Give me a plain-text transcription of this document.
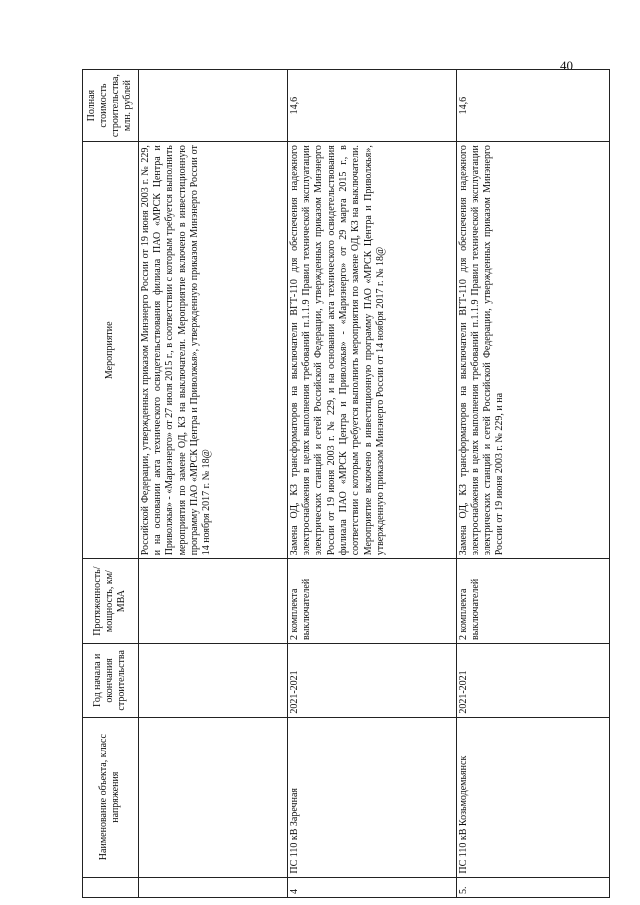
40
	Наименование объекта, класс напряжения	Год начала и окончания строительства	Протяженность/ мощность, км/МВА	Мероприятие	Полная стоимость строительства, млн. рублей
				Российской Федерации, утвержденных приказом Минэнерго России от 19 июня 2003 г. № 229, и на основании акта технического освидетельствования филиала ПАО «МРСК Центра и Приволжья» - «Мариэнерго» от 27 июля 2015 г., в соответствии с которым требуется выполнить мероприятия по замене ОД, КЗ на выключатели. Мероприятие включено в инвестиционную программу ПАО «МРСК Центра и Приволжья», утвержденную приказом Минэнерго России от 14 ноября 2017 г. № 18@	
4	ПС 110 кВ Заречная	2021-2021	2 комплекта выключателей	Замена ОД, КЗ трансформаторов на выключатели ВГТ-110 для обеспечения надежного электроснабжения в целях выполнения требований п.1.1.9 Правил технической эксплуатации электрических станций и сетей Российской Федерации, утвержденных приказом Минэнерго России от 19 июня 2003 г. № 229, и на основании акта технического освидетельствования филиала ПАО «МРСК Центра и Приволжья» - «Мариэнерго» от 29 марта 2015 г., в соответствии с которым требуется выполнить мероприятия по замене ОД, КЗ на выключатели. Мероприятие включено в инвестиционную программу ПАО «МРСК Центра и Приволжья», утвержденную приказом Минэнерго России от 14 ноября 2017 г. № 18@	14,6
5.	ПС 110 кВ Козьмодемьянск	2021-2021	2 комплекта выключателей	Замена ОД, КЗ трансформаторов на выключатели ВГТ-110 для обеспечения надежного электроснабжения в целях выполнения требований п.1.1.9 Правил технической эксплуатации электрических станций и сетей Российской Федерации, утвержденных приказом Минэнерго России от 19 июня 2003 г. № 229, и на	14,6
